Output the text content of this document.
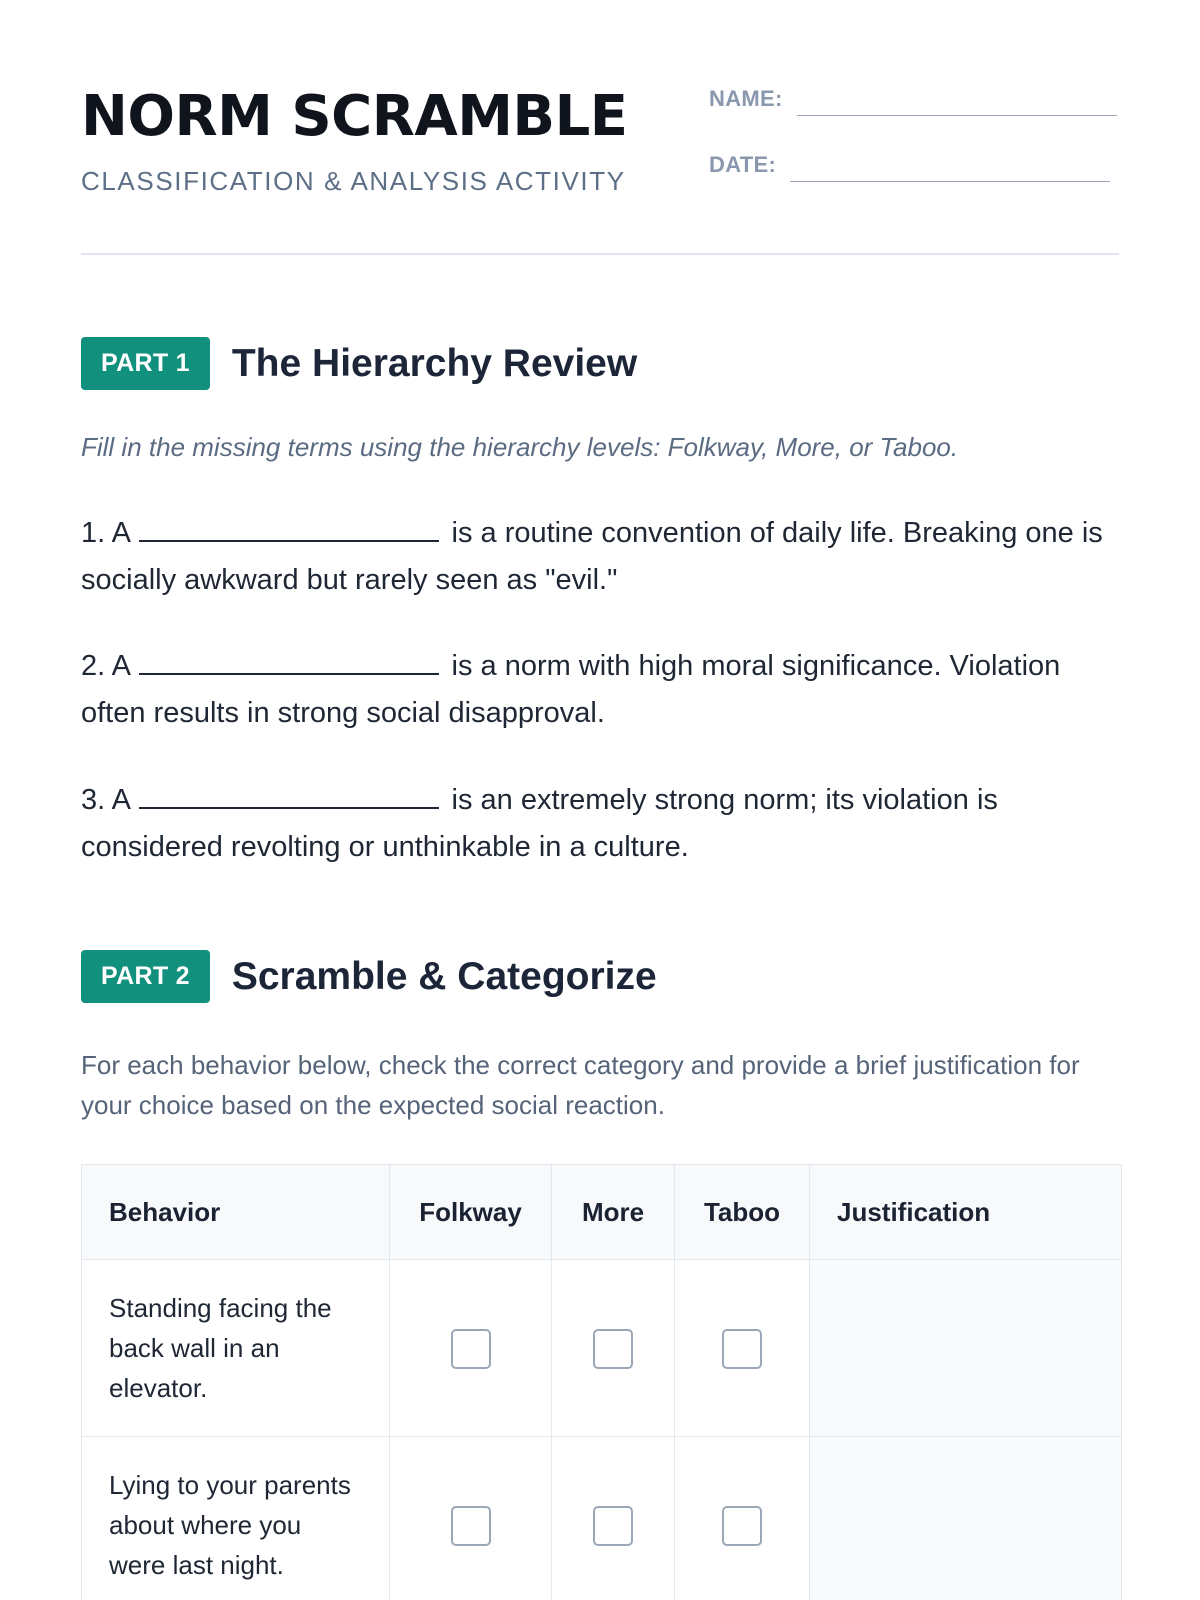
NORM SCRAMBLE
CLASSIFICATION & ANALYSIS ACTIVITY
NAME:
DATE:
PART 1	The Hierarchy Review
Fill in the missing terms using the hierarchy levels: Folkway, More, or Taboo.

1. A	is a routine convention of daily life. Breaking one is socially awkward but rarely seen as "evil."

2. A	is a norm with high moral significance. Violation often results in strong social disapproval.

3. A	is an extremely strong norm; its violation is considered revolting or unthinkable in a culture.

PART 2	Scramble & Categorize

For each behavior below, check the correct category and provide a brief justification for your choice based on the expected social reaction.

Behavior	Folkway	More	Taboo	Justification
Standing facing the back wall in an elevator.				
Lying to your parents about where you were last night.				
